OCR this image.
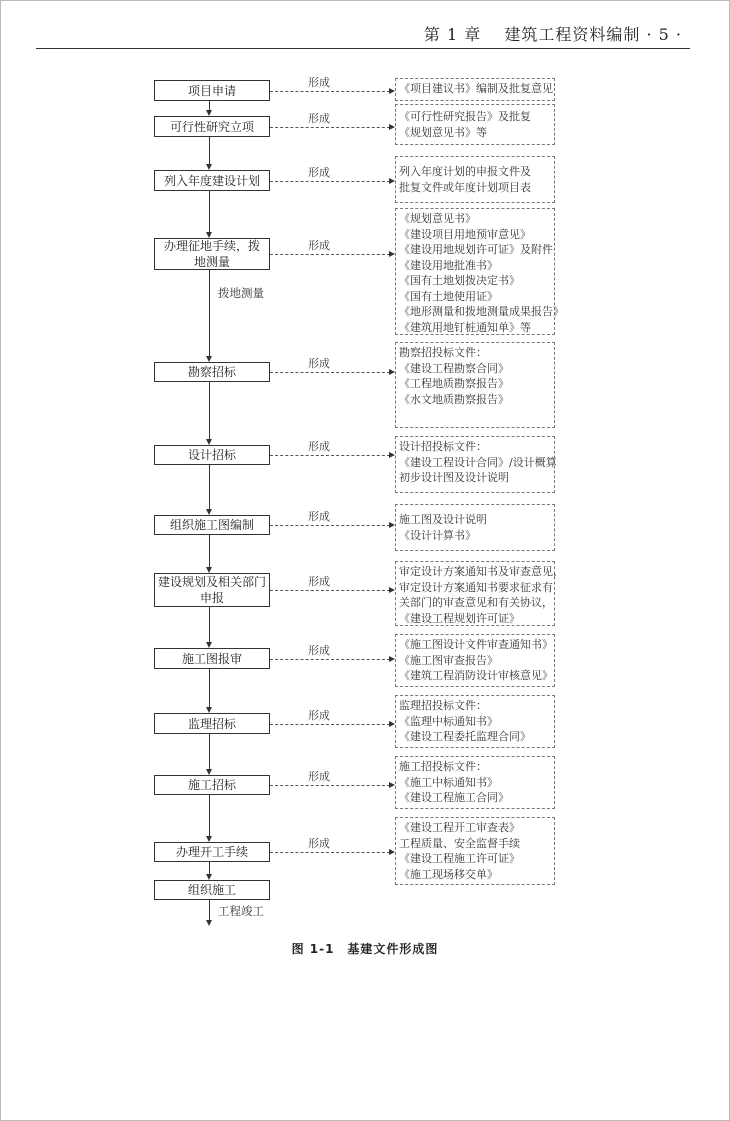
第 1 章　 建筑工程资料编制 · 5 ·
拨地测量
工程竣工
项目申请
形成	《项目建议书》编制及批复意见
可行性研究立项
形成	《可行性研究报告》及批复
《规划意见书》等
列入年度建设计划
形成	列入年度计划的申报文件及
批复文件或年度计划项目表
办理征地手续，拨地测量
形成
《规划意见书》
《建设项目用地预审意见》
《建设用地规划许可证》及附件
《建设用地批准书》
《国有土地划拨决定书》
《国有土地使用证》
《地形测量和拨地测量成果报告》
《建筑用地钉桩通知单》等
勘察招标
形成
勘察招投标文件：
《建设工程勘察合同》
《工程地质勘察报告》
《水文地质勘察报告》
设计招标
形成	设计招投标文件：
《建设工程设计合同》/设计概算
初步设计图及设计说明
组织施工图编制
形成	施工图及设计说明
《设计计算书》
建设规划及相关部门申报
形成
审定设计方案通知书及审查意见，
审定设计方案通知书要求征求有
关部门的审查意见和有关协议，
《建设工程规划许可证》
施工图报审
形成	《施工图设计文件审查通知书》
《施工图审查报告》
《建筑工程消防设计审核意见》
监理招标
形成
监理招投标文件：
《监理中标通知书》
《建设工程委托监理合同》
施工招标
形成
施工招投标文件：
《施工中标通知书》
《建设工程施工合同》
办理开工手续
形成
《建设工程开工审查表》
工程质量、安全监督手续
《建设工程施工许可证》
《施工现场移交单》
组织施工
图 1-1　基建文件形成图
